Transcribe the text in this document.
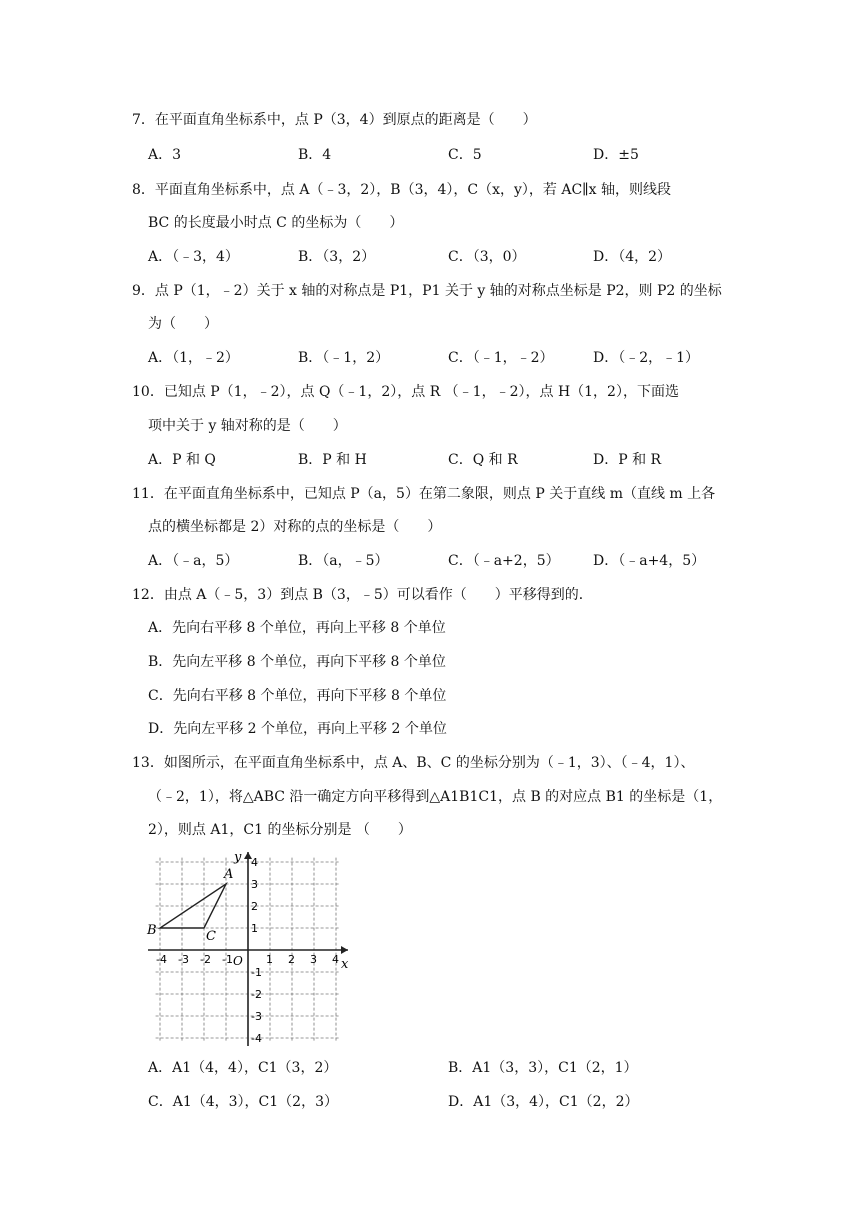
7．在平面直角坐标系中，点 P（3，4）到原点的距离是（　　）
A．3	B．4	C．5	D．±5
8．平面直角坐标系中，点 A（﹣3，2），B（3，4），C（x，y），若 AC∥x 轴，则线段
BC 的长度最小时点 C 的坐标为（　　）
A．（﹣3，4）	B．（3，2）	C．（3，0）	D．（4，2）
9．点 P（1，﹣2）关于 x 轴的对称点是 P1，P1 关于 y 轴的对称点坐标是 P2，则 P2 的坐标
为（　　）
A．（1，﹣2）	B．（﹣1，2）	C．（﹣1，﹣2）	D．（﹣2，﹣1）
10．已知点 P（1，﹣2），点 Q（﹣1，2），点 R （﹣1，﹣2），点 H（1，2），下面选
项中关于 y 轴对称的是（　　）
A．P 和 Q	B．P 和 H	C．Q 和 R	D．P 和 R
11．在平面直角坐标系中，已知点 P（a，5）在第二象限，则点 P 关于直线 m（直线 m 上各
点的横坐标都是 2）对称的点的坐标是（　　）
A．（﹣a，5）	B．（a，﹣5）	C．（﹣a+2，5） D．（﹣a+4，5）
12．由点 A（﹣5，3）到点 B（3，﹣5）可以看作（　　）平移得到的．
A．先向右平移 8 个单位，再向上平移 8 个单位
B．先向左平移 8 个单位，再向下平移 8 个单位
C．先向右平移 8 个单位，再向下平移 8 个单位
D．先向左平移 2 个单位，再向上平移 2 个单位
13．如图所示，在平面直角坐标系中，点 A、B、C 的坐标分别为（﹣1，3）、（﹣4，1）、
（﹣2，1），将△ABC 沿一确定方向平移得到△A1B1C1，点 B 的对应点 B1 的坐标是（1，
2），则点 A1，C1 的坐标分别是 （　　）
x
y
O
-4 -3 -2 -1	1 2 3 4
4
3
2
1
-1
-2
-3
-4
A
B	C
A．A1（4，4），C1（3，2）	B．A1（3，3），C1（2，1）
C．A1（4，3），C1（2，3）	D．A1（3，4），C1（2，2）
